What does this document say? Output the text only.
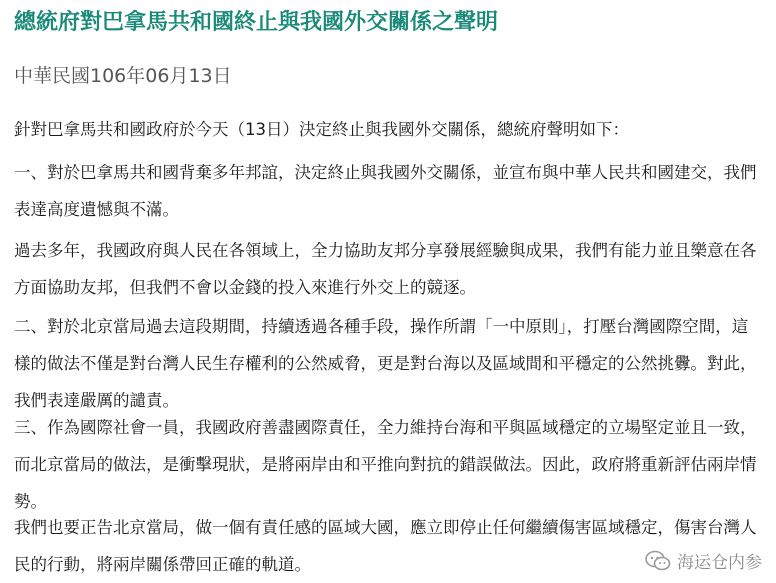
總統府對巴拿馬共和國終止與我國外交關係之聲明
中華民國106年06月13日

針對巴拿馬共和國政府於今天（13日）決定終止與我國外交關係，總統府聲明如下：

一、對於巴拿馬共和國背棄多年邦誼，決定終止與我國外交關係，並宣布與中華人民共和國建交，我們表達高度遺憾與不滿。

過去多年，我國政府與人民在各領域上，全力協助友邦分享發展經驗與成果，我們有能力並且樂意在各方面協助友邦，但我們不會以金錢的投入來進行外交上的競逐。

二、對於北京當局過去這段期間，持續透過各種手段，操作所謂「一中原則」，打壓台灣國際空間，這樣的做法不僅是對台灣人民生存權利的公然威脅，更是對台海以及區域間和平穩定的公然挑釁。對此，我們表達嚴厲的譴責。

三、作為國際社會一員，我國政府善盡國際責任，全力維持台海和平與區域穩定的立場堅定並且一致，而北京當局的做法，是衝擊現狀，是將兩岸由和平推向對抗的錯誤做法。因此，政府將重新評估兩岸情勢。

我們也要正告北京當局，做一個有責任感的區域大國，應立即停止任何繼續傷害區域穩定，傷害台灣人民的行動，將兩岸關係帶回正確的軌道。	海运仓内参
